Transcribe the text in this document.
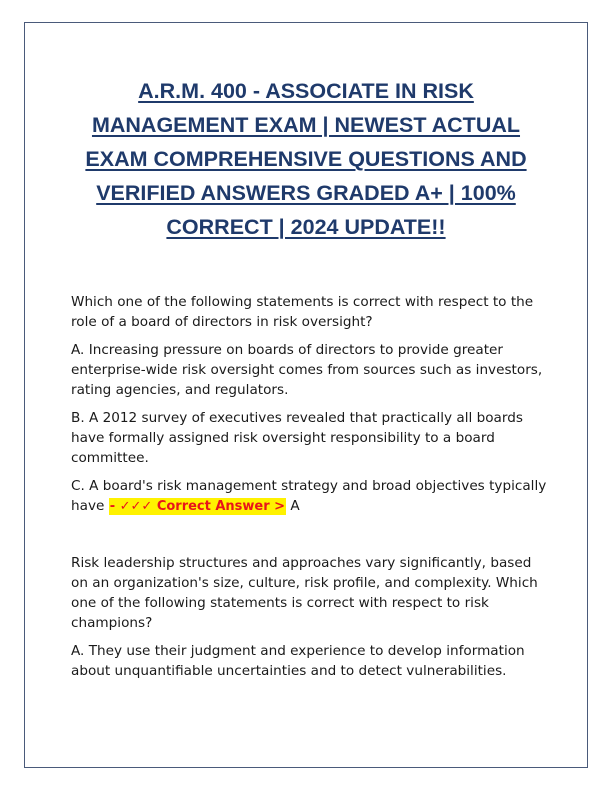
A.R.M. 400 - ASSOCIATE IN RISK MANAGEMENT EXAM | NEWEST ACTUAL EXAM COMPREHENSIVE QUESTIONS AND VERIFIED ANSWERS GRADED A+ | 100% CORRECT | 2024 UPDATE!!

Which one of the following statements is correct with respect to the role of a board of directors in risk oversight?

A. Increasing pressure on boards of directors to provide greater enterprise-wide risk oversight comes from sources such as investors, rating agencies, and regulators.

B. A 2012 survey of executives revealed that practically all boards have formally assigned risk oversight responsibility to a board committee.

C. A board's risk management strategy and broad objectives typically have - ✓✓✓ Correct Answer > A

Risk leadership structures and approaches vary significantly, based on an organization's size, culture, risk profile, and complexity. Which one of the following statements is correct with respect to risk champions?

A. They use their judgment and experience to develop information about unquantifiable uncertainties and to detect vulnerabilities.
